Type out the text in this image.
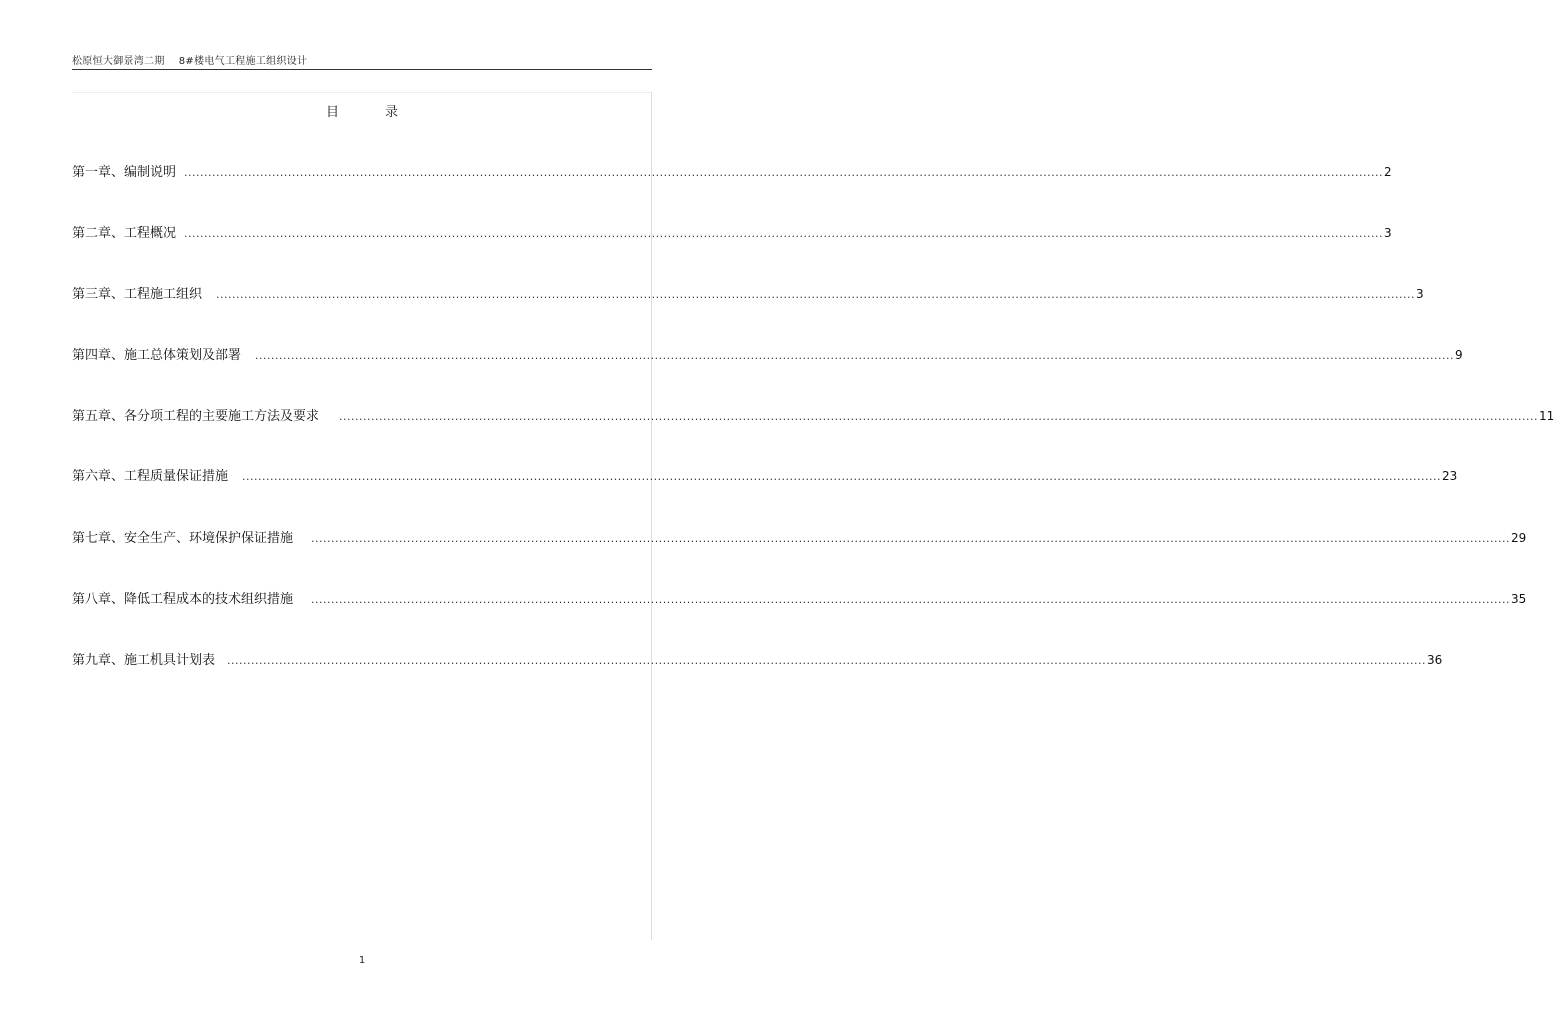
松原恒大御景湾二期 8#楼电气工程施工组织设计
目	录
第一章、编制说明 ............................................................................................................................................................................................................................................................................................................ 2
第二章、工程概况 ............................................................................................................................................................................................................................................................................................................ 3
第三章、工程施工组织 ............................................................................................................................................................................................................................................................................................................ 3
第四章、施工总体策划及部署 ............................................................................................................................................................................................................................................................................................................ 9
第五章、各分项工程的主要施工方法及要求 ............................................................................................................................................................................................................................................................................................................ 11
第六章、工程质量保证措施 ............................................................................................................................................................................................................................................................................................................ 23
第七章、安全生产、环境保护保证措施 ............................................................................................................................................................................................................................................................................................................ 29
第八章、降低工程成本的技术组织措施 ............................................................................................................................................................................................................................................................................................................ 35
第九章、施工机具计划表 ............................................................................................................................................................................................................................................................................................................ 36
1
